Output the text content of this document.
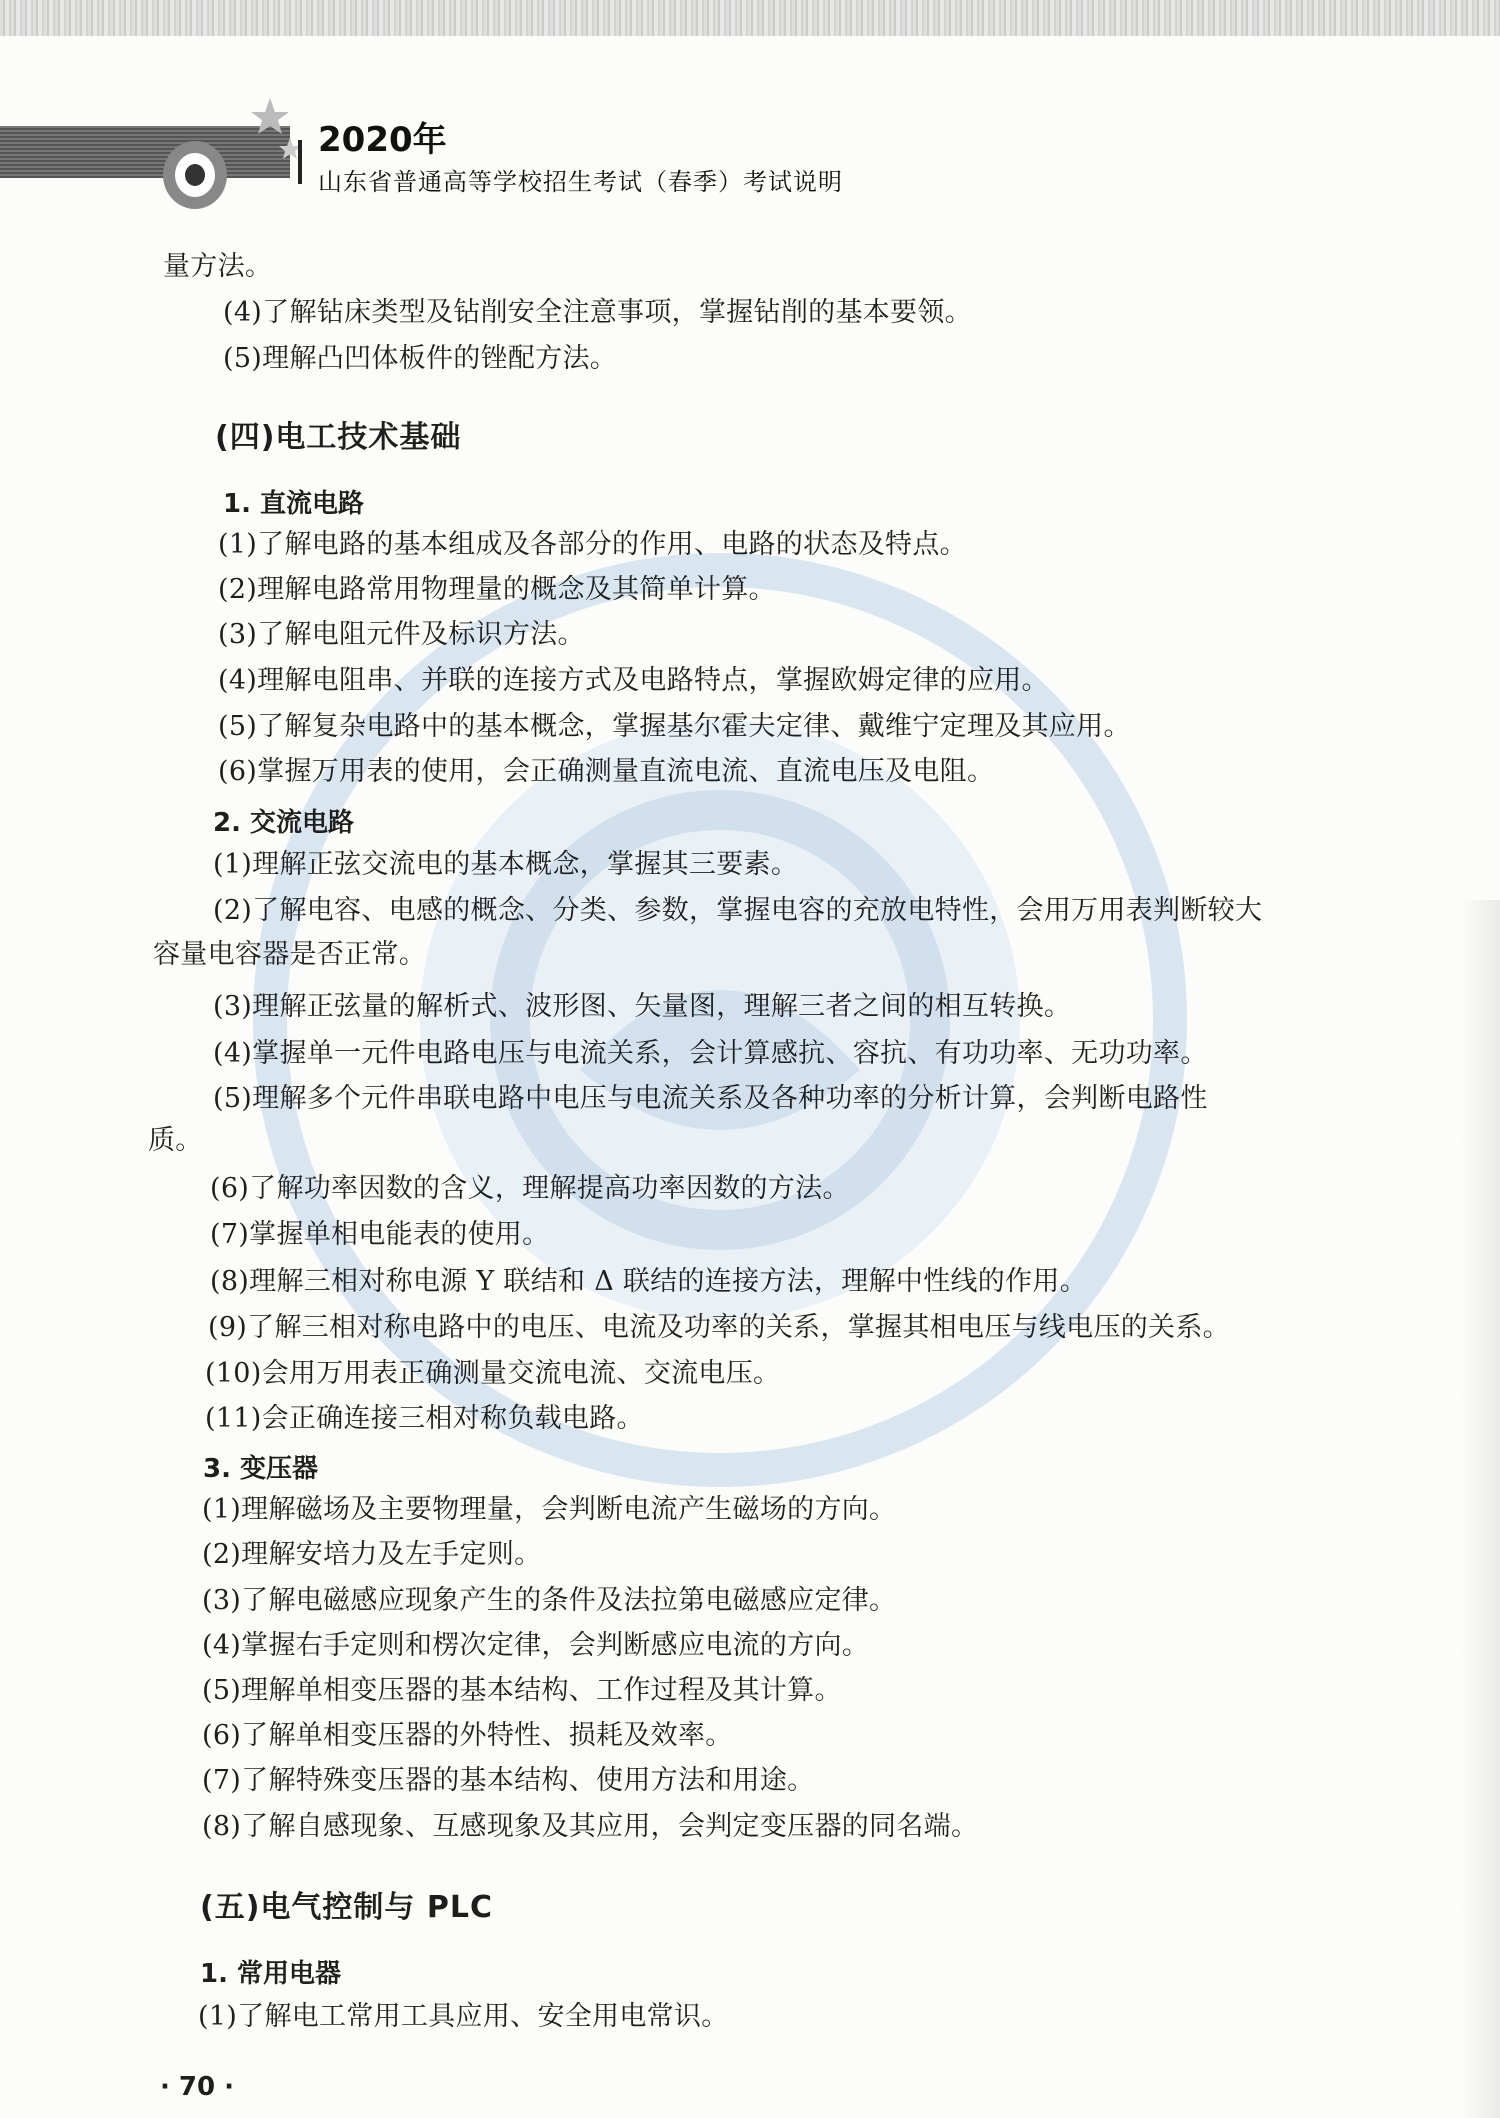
2020年
山东省普通高等学校招生考试（春季）考试说明
量方法。
(4)了解钻床类型及钻削安全注意事项，掌握钻削的基本要领。
(5)理解凸凹体板件的锉配方法。
(四)电工技术基础
1. 直流电路
(1)了解电路的基本组成及各部分的作用、电路的状态及特点。
(2)理解电路常用物理量的概念及其简单计算。
(3)了解电阻元件及标识方法。
(4)理解电阻串、并联的连接方式及电路特点，掌握欧姆定律的应用。
(5)了解复杂电路中的基本概念，掌握基尔霍夫定律、戴维宁定理及其应用。
(6)掌握万用表的使用，会正确测量直流电流、直流电压及电阻。
2. 交流电路
(1)理解正弦交流电的基本概念，掌握其三要素。
(2)了解电容、电感的概念、分类、参数，掌握电容的充放电特性，会用万用表判断较大
容量电容器是否正常。
(3)理解正弦量的解析式、波形图、矢量图，理解三者之间的相互转换。
(4)掌握单一元件电路电压与电流关系，会计算感抗、容抗、有功功率、无功功率。
(5)理解多个元件串联电路中电压与电流关系及各种功率的分析计算，会判断电路性
质。
(6)了解功率因数的含义，理解提高功率因数的方法。
(7)掌握单相电能表的使用。
(8)理解三相对称电源 Y 联结和 Δ 联结的连接方法，理解中性线的作用。
(9)了解三相对称电路中的电压、电流及功率的关系，掌握其相电压与线电压的关系。
(10)会用万用表正确测量交流电流、交流电压。
(11)会正确连接三相对称负载电路。
3. 变压器
(1)理解磁场及主要物理量，会判断电流产生磁场的方向。
(2)理解安培力及左手定则。
(3)了解电磁感应现象产生的条件及法拉第电磁感应定律。
(4)掌握右手定则和楞次定律，会判断感应电流的方向。
(5)理解单相变压器的基本结构、工作过程及其计算。
(6)了解单相变压器的外特性、损耗及效率。
(7)了解特殊变压器的基本结构、使用方法和用途。
(8)了解自感现象、互感现象及其应用，会判定变压器的同名端。
(五)电气控制与 PLC
1. 常用电器
(1)了解电工常用工具应用、安全用电常识。
· 70 ·
